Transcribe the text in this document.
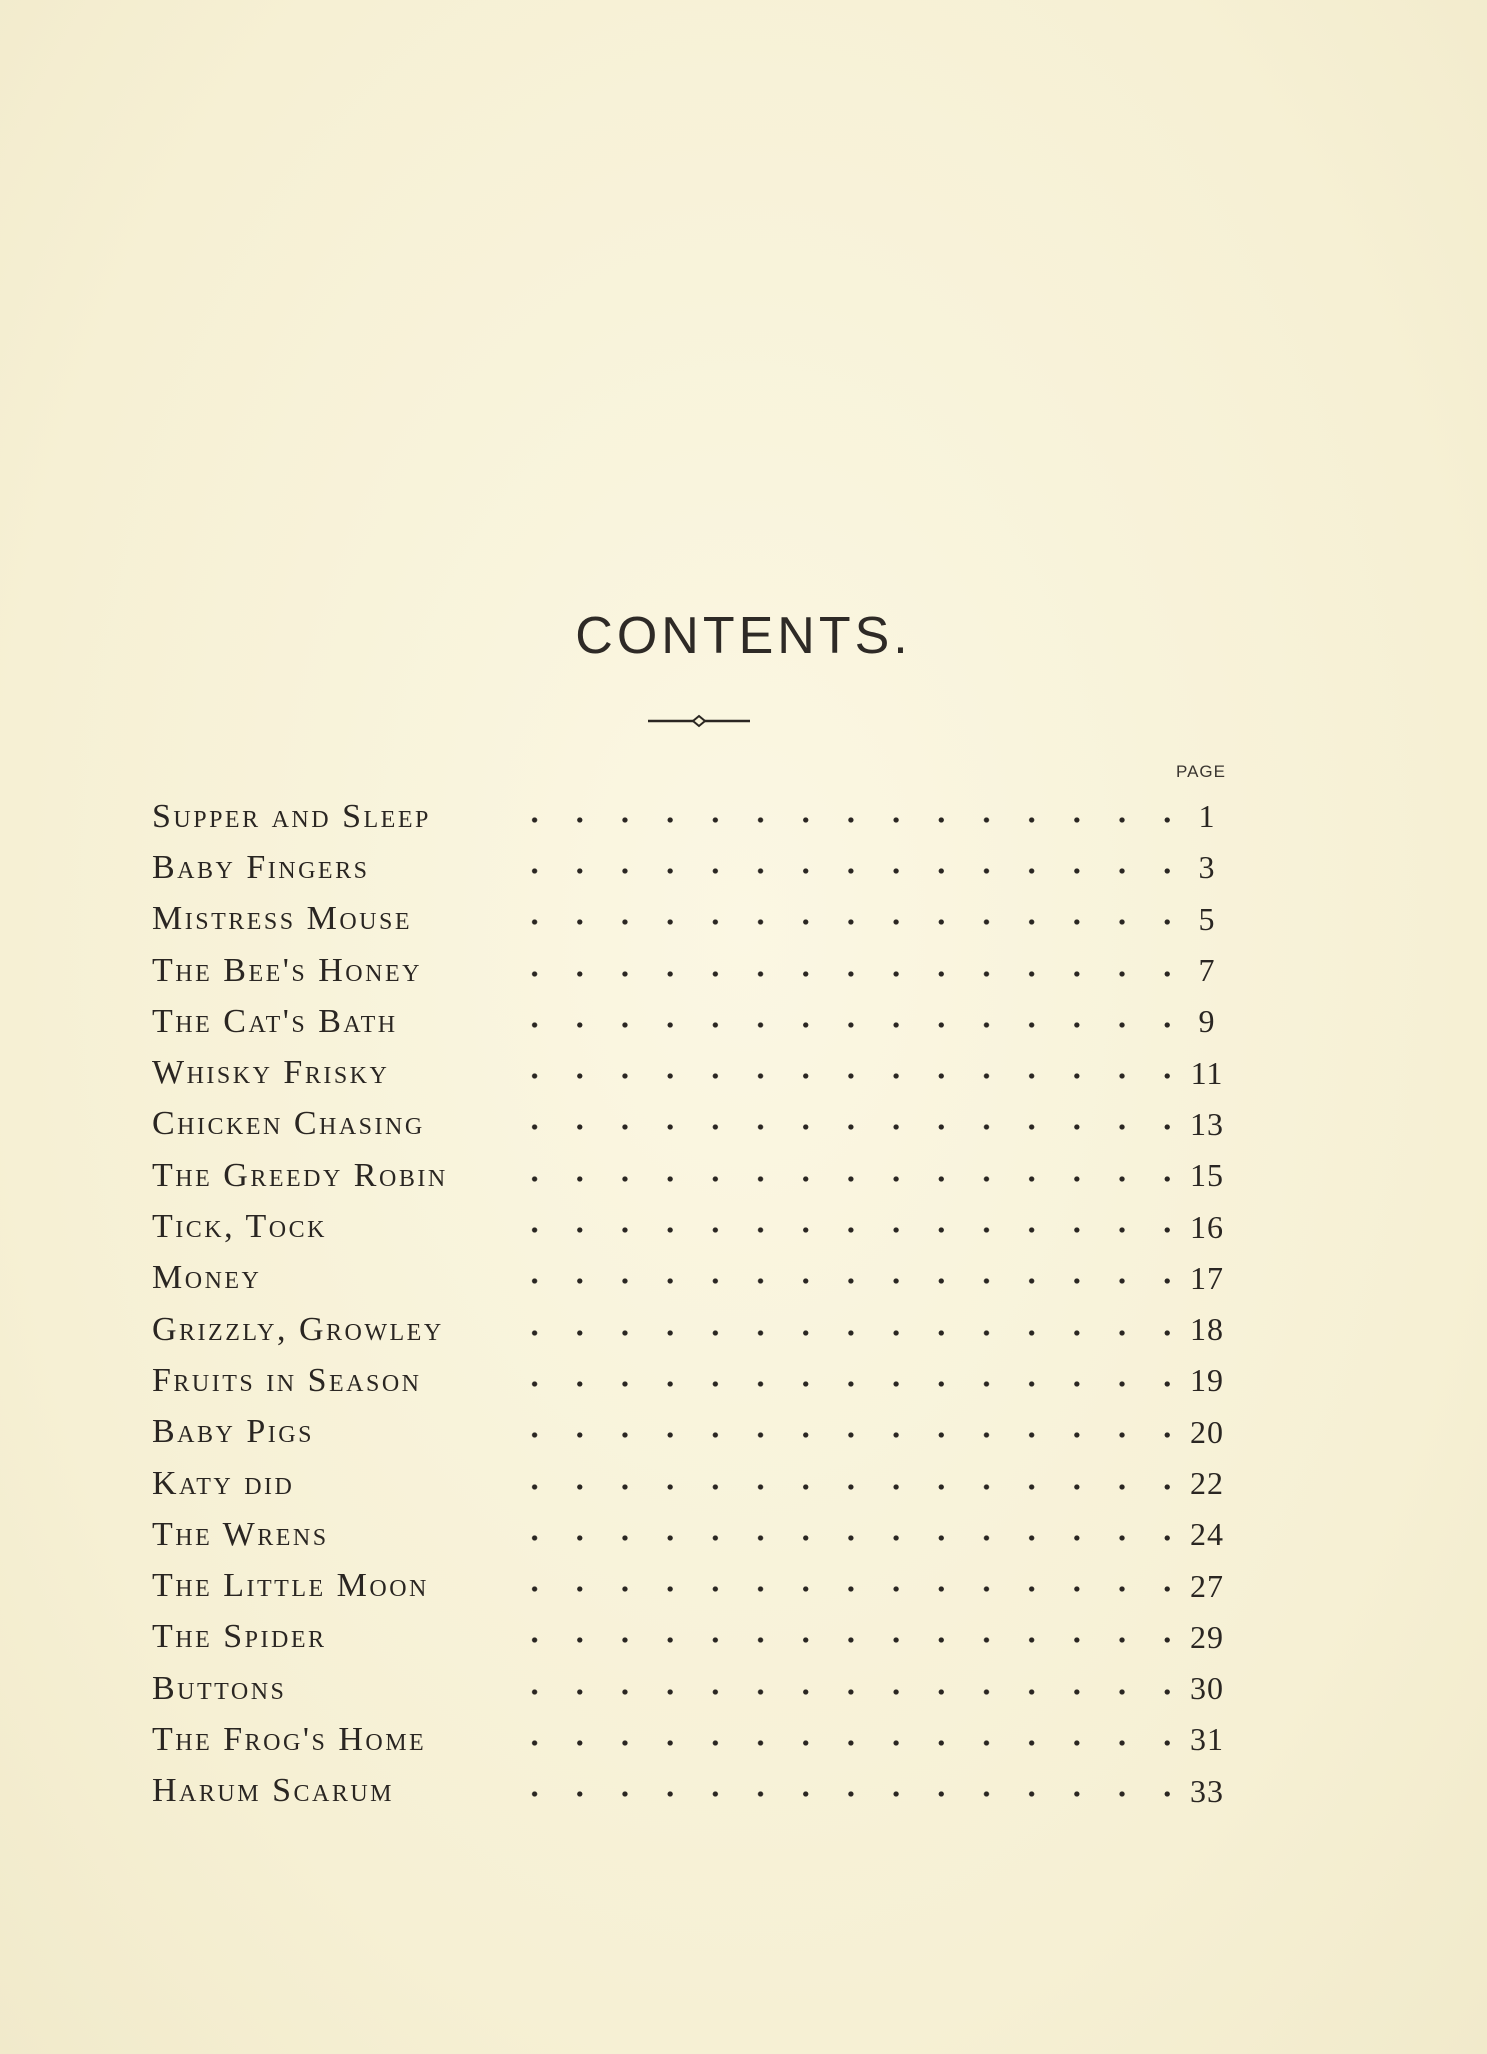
CONTENTS.
PAGE
Supper and Sleep	1
Baby Fingers	3
Mistress Mouse	5
The Bee's Honey	7
The Cat's Bath	9
Whisky Frisky	11
Chicken Chasing	13
The Greedy Robin	15
Tick, Tock	16
Money	17
Grizzly, Growley	18
Fruits in Season	19
Baby Pigs	20
Katy did	22
The Wrens	24
The Little Moon	27
The Spider	29
Buttons	30
The Frog's Home	31
Harum Scarum	33
